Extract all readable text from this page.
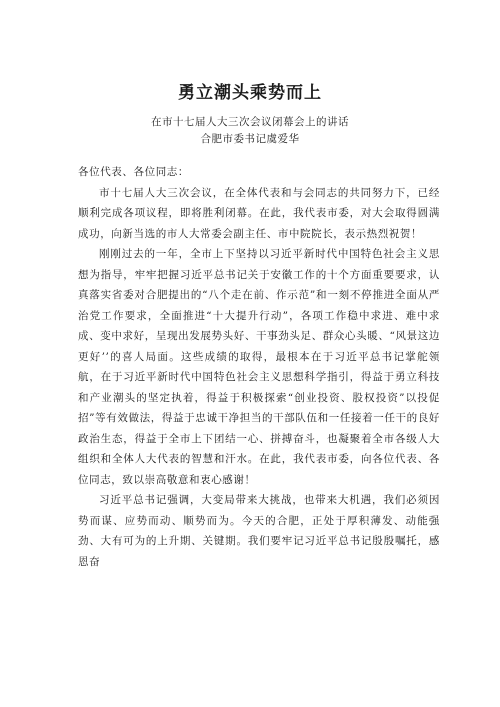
勇立潮头乘势而上
在市十七届人大三次会议闭幕会上的讲话
合肥市委书记虞爱华

各位代表、各位同志：

市十七届人大三次会议，在全体代表和与会同志的共同努力下，已经顺利完成各项议程，即将胜利闭幕。在此，我代表市委，对大会取得圆满成功，向新当选的市人大常委会副主任、市中院院长，表示热烈祝贺！

刚刚过去的一年，全市上下坚持以习近平新时代中国特色社会主义思想为指导，牢牢把握习近平总书记关于安徽工作的十个方面重要要求，认真落实省委对合肥提出的“八个走在前、作示范”和一刻不停推进全面从严治党工作要求，全面推进“十大提升行动”，各项工作稳中求进、难中求成、变中求好，呈现出发展势头好、干事劲头足、群众心头暖、“风景这边更好’’的喜人局面。这些成绩的取得，最根本在于习近平总书记掌舵领航，在于习近平新时代中国特色社会主义思想科学指引，得益于勇立科技和产业潮头的坚定执着，得益于积极探索“创业投资、股权投资”以投促招”等有效做法，得益于忠诚干净担当的干部队伍和一任接着一任干的良好政治生态，得益于全市上下团结一心、拼搏奋斗，也凝聚着全市各级人大组织和全体人大代表的智慧和汗水。在此，我代表市委，向各位代表、各位同志，致以崇高敬意和衷心感谢！

习近平总书记强调，大变局带来大挑战，也带来大机遇，我们必须因势而谋、应势而动、顺势而为。今天的合肥，正处于厚积薄发、动能强劲、大有可为的上升期、关键期。我们要牢记习近平总书记殷殷嘱托，感恩奋
